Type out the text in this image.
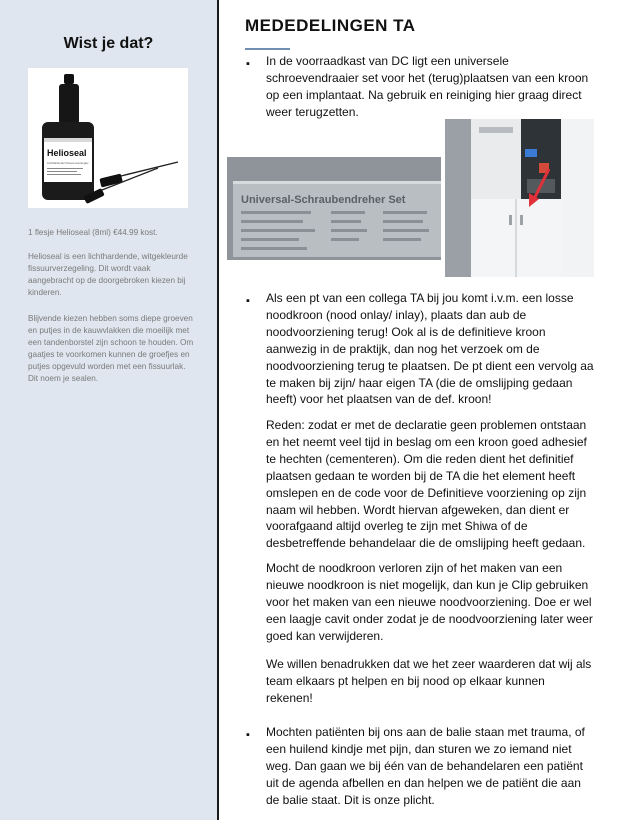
Wist je dat?
Helioseal
Lichthärtender Fissurenversiegler
1 flesje Helioseal (8ml) €44.99 kost.
Helioseal is een lichthardende, witgekleurde fissuurverzegeling. Dit wordt vaak aangebracht op de doorgebroken kiezen bij kinderen.
Blijvende kiezen hebben soms diepe groeven en putjes in de kauwvlakken die moeilijk met een tandenborstel zijn schoon te houden. Om gaatjes te voorkomen kunnen de groefjes en putjes opgevuld worden met een fissuurlak. Dit noem je sealen.
MEDEDELINGEN TA
▪ In de voorraadkast van DC ligt een universele schroevendraaier set voor het (terug)plaatsen van een kroon op een implantaat. Na gebruik en reiniging hier graag direct weer terugzetten.
Universal-Schraubendreher Set
▪ Als een pt van een collega TA bij jou komt i.v.m. een losse noodkroon (nood onlay/ inlay), plaats dan aub de noodvoorziening terug! Ook al is de definitieve kroon aanwezig in de praktijk, dan nog het verzoek om de noodvoorziening terug te plaatsen. De pt dient een vervolg aa te maken bij zijn/ haar eigen TA (die de omslijping gedaan heeft) voor het plaatsen van de def. kroon!
Reden: zodat er met de declaratie geen problemen ontstaan en het neemt veel tijd in beslag om een kroon goed adhesief te hechten (cementeren). Om die reden dient het definitief plaatsen gedaan te worden bij de TA die het element heeft omslepen en de code voor de Definitieve voorziening op zijn naam wil hebben. Wordt hiervan afgeweken, dan dient er voorafgaand altijd overleg te zijn met Shiwa of de desbetreffende behandelaar die de omslijping heeft gedaan.
Mocht de noodkroon verloren zijn of het maken van een nieuwe noodkroon is niet mogelijk, dan kun je Clip gebruiken voor het maken van een nieuwe noodvoorziening. Doe er wel een laagje cavit onder zodat je de noodvoorziening later weer goed kan verwijderen.
We willen benadrukken dat we het zeer waarderen dat wij als team elkaars pt helpen en bij nood op elkaar kunnen rekenen!
▪ Mochten patiënten bij ons aan de balie staan met trauma, of een huilend kindje met pijn, dan sturen we zo iemand niet weg. Dan gaan we bij één van de behandelaren een patiënt uit de agenda afbellen en dan helpen we de patiënt die aan de balie staat. Dit is onze plicht.
